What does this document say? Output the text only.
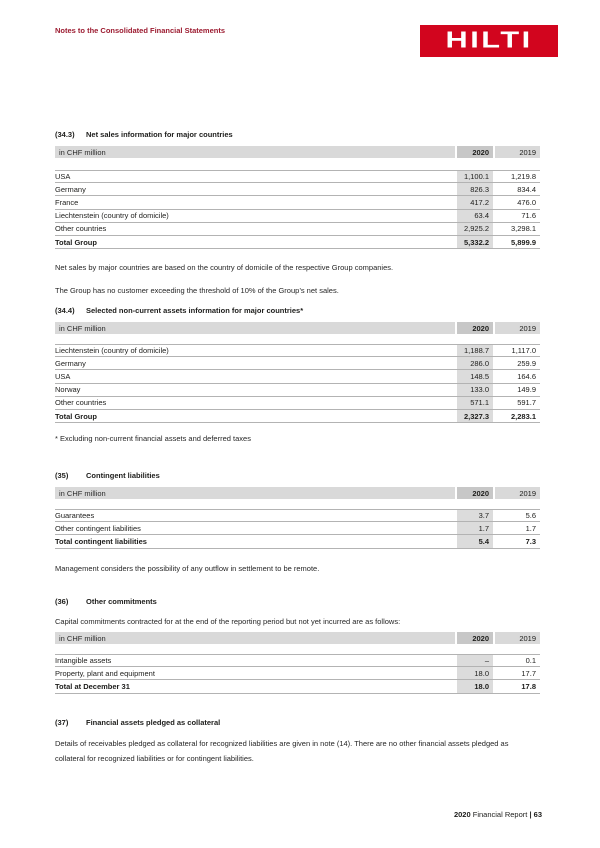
Notes to the Consolidated Financial Statements	HILTI
(34.3)	Net sales information for major countries
in CHF million	2020	2019
USA	1,100.1	1,219.8
Germany	826.3	834.4
France	417.2	476.0
Liechtenstein (country of domicile)	63.4	71.6
Other countries	2,925.2	3,298.1
Total Group	5,332.2	5,899.9
Net sales by major countries are based on the country of domicile of the respective Group companies.
The Group has no customer exceeding the threshold of 10% of the Group’s net sales.
(34.4)	Selected non-current assets information for major countries*
in CHF million	2020	2019
Liechtenstein (country of domicile)	1,188.7	1,117.0
Germany	286.0	259.9
USA	148.5	164.6
Norway	133.0	149.9
Other countries	571.1	591.7
Total Group	2,327.3	2,283.1
* Excluding non-current financial assets and deferred taxes
(35)	Contingent liabilities
in CHF million	2020	2019
Guarantees	3.7	5.6
Other contingent liabilities	1.7	1.7
Total contingent liabilities	5.4	7.3
Management considers the possibility of any outflow in settlement to be remote.
(36)	Other commitments
Capital commitments contracted for at the end of the reporting period but not yet incurred are as follows:
in CHF million	2020	2019
Intangible assets	–	0.1
Property, plant and equipment	18.0	17.7
Total at December 31	18.0	17.8
(37)	Financial assets pledged as collateral
Details of receivables pledged as collateral for recognized liabilities are given in note (14). There are no other financial assets pledged as collateral for recognized liabilities or for contingent liabilities.
2020 Financial Report | 63
